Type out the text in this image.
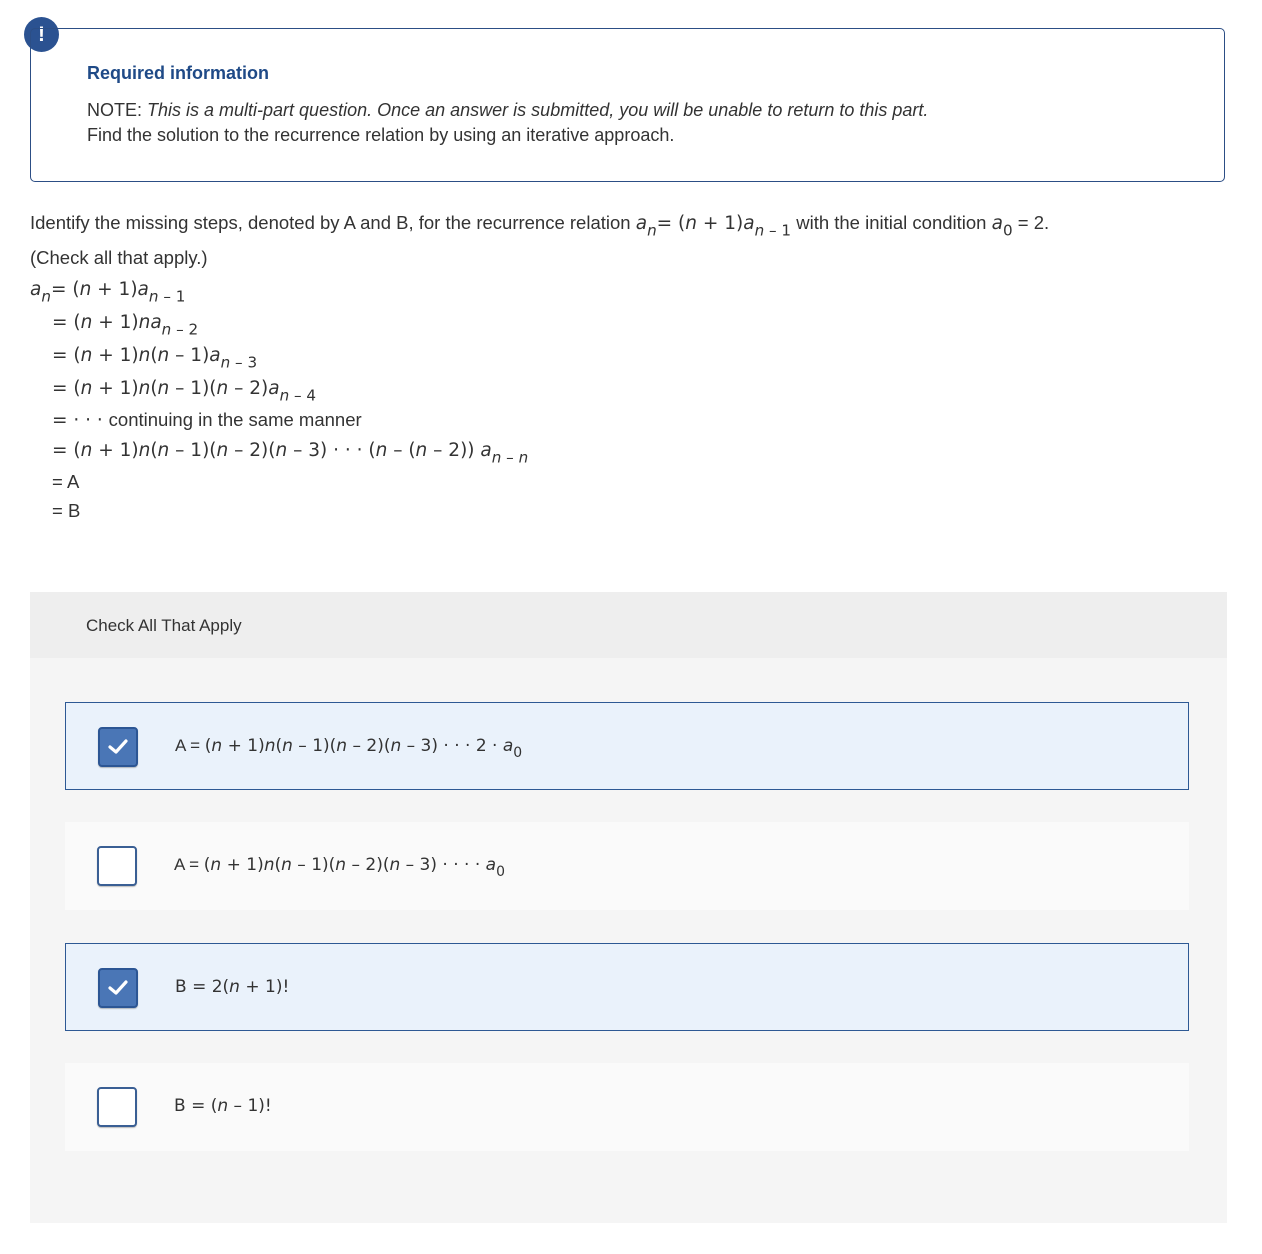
!
Required information
NOTE: This is a multi-part question. Once an answer is submitted, you will be unable to return to this part.
Find the solution to the recurrence relation by using an iterative approach.
Identify the missing steps, denoted by A and B, for the recurrence relation $a_n= (n + 1)a_{n - 1}$ with the initial condition $a_0 = 2$.
(Check all that apply.)
$a_n= (n + 1)a_{n - 1}$
= $(n + 1)na_{n - 2}$
= $(n + 1)n(n - 1)a_{n - 3}$
= $(n + 1)n(n - 1)(n - 2)a_{n - 4}$
= · · · continuing in the same manner
= (n + 1)n(n – 1)(n – 2)(n – 3) · · · (n – (n – 2)) $a_{n - n}$
= A
= B
Check All That Apply
A = (n + 1)n(n – 1)(n – 2)(n – 3) · · · $2 \cdot a_0$
A = (n + 1)n(n – 1)(n – 2)(n – 3) · · · · $a_0$
B = 2(n + 1)!
B = (n – 1)!
